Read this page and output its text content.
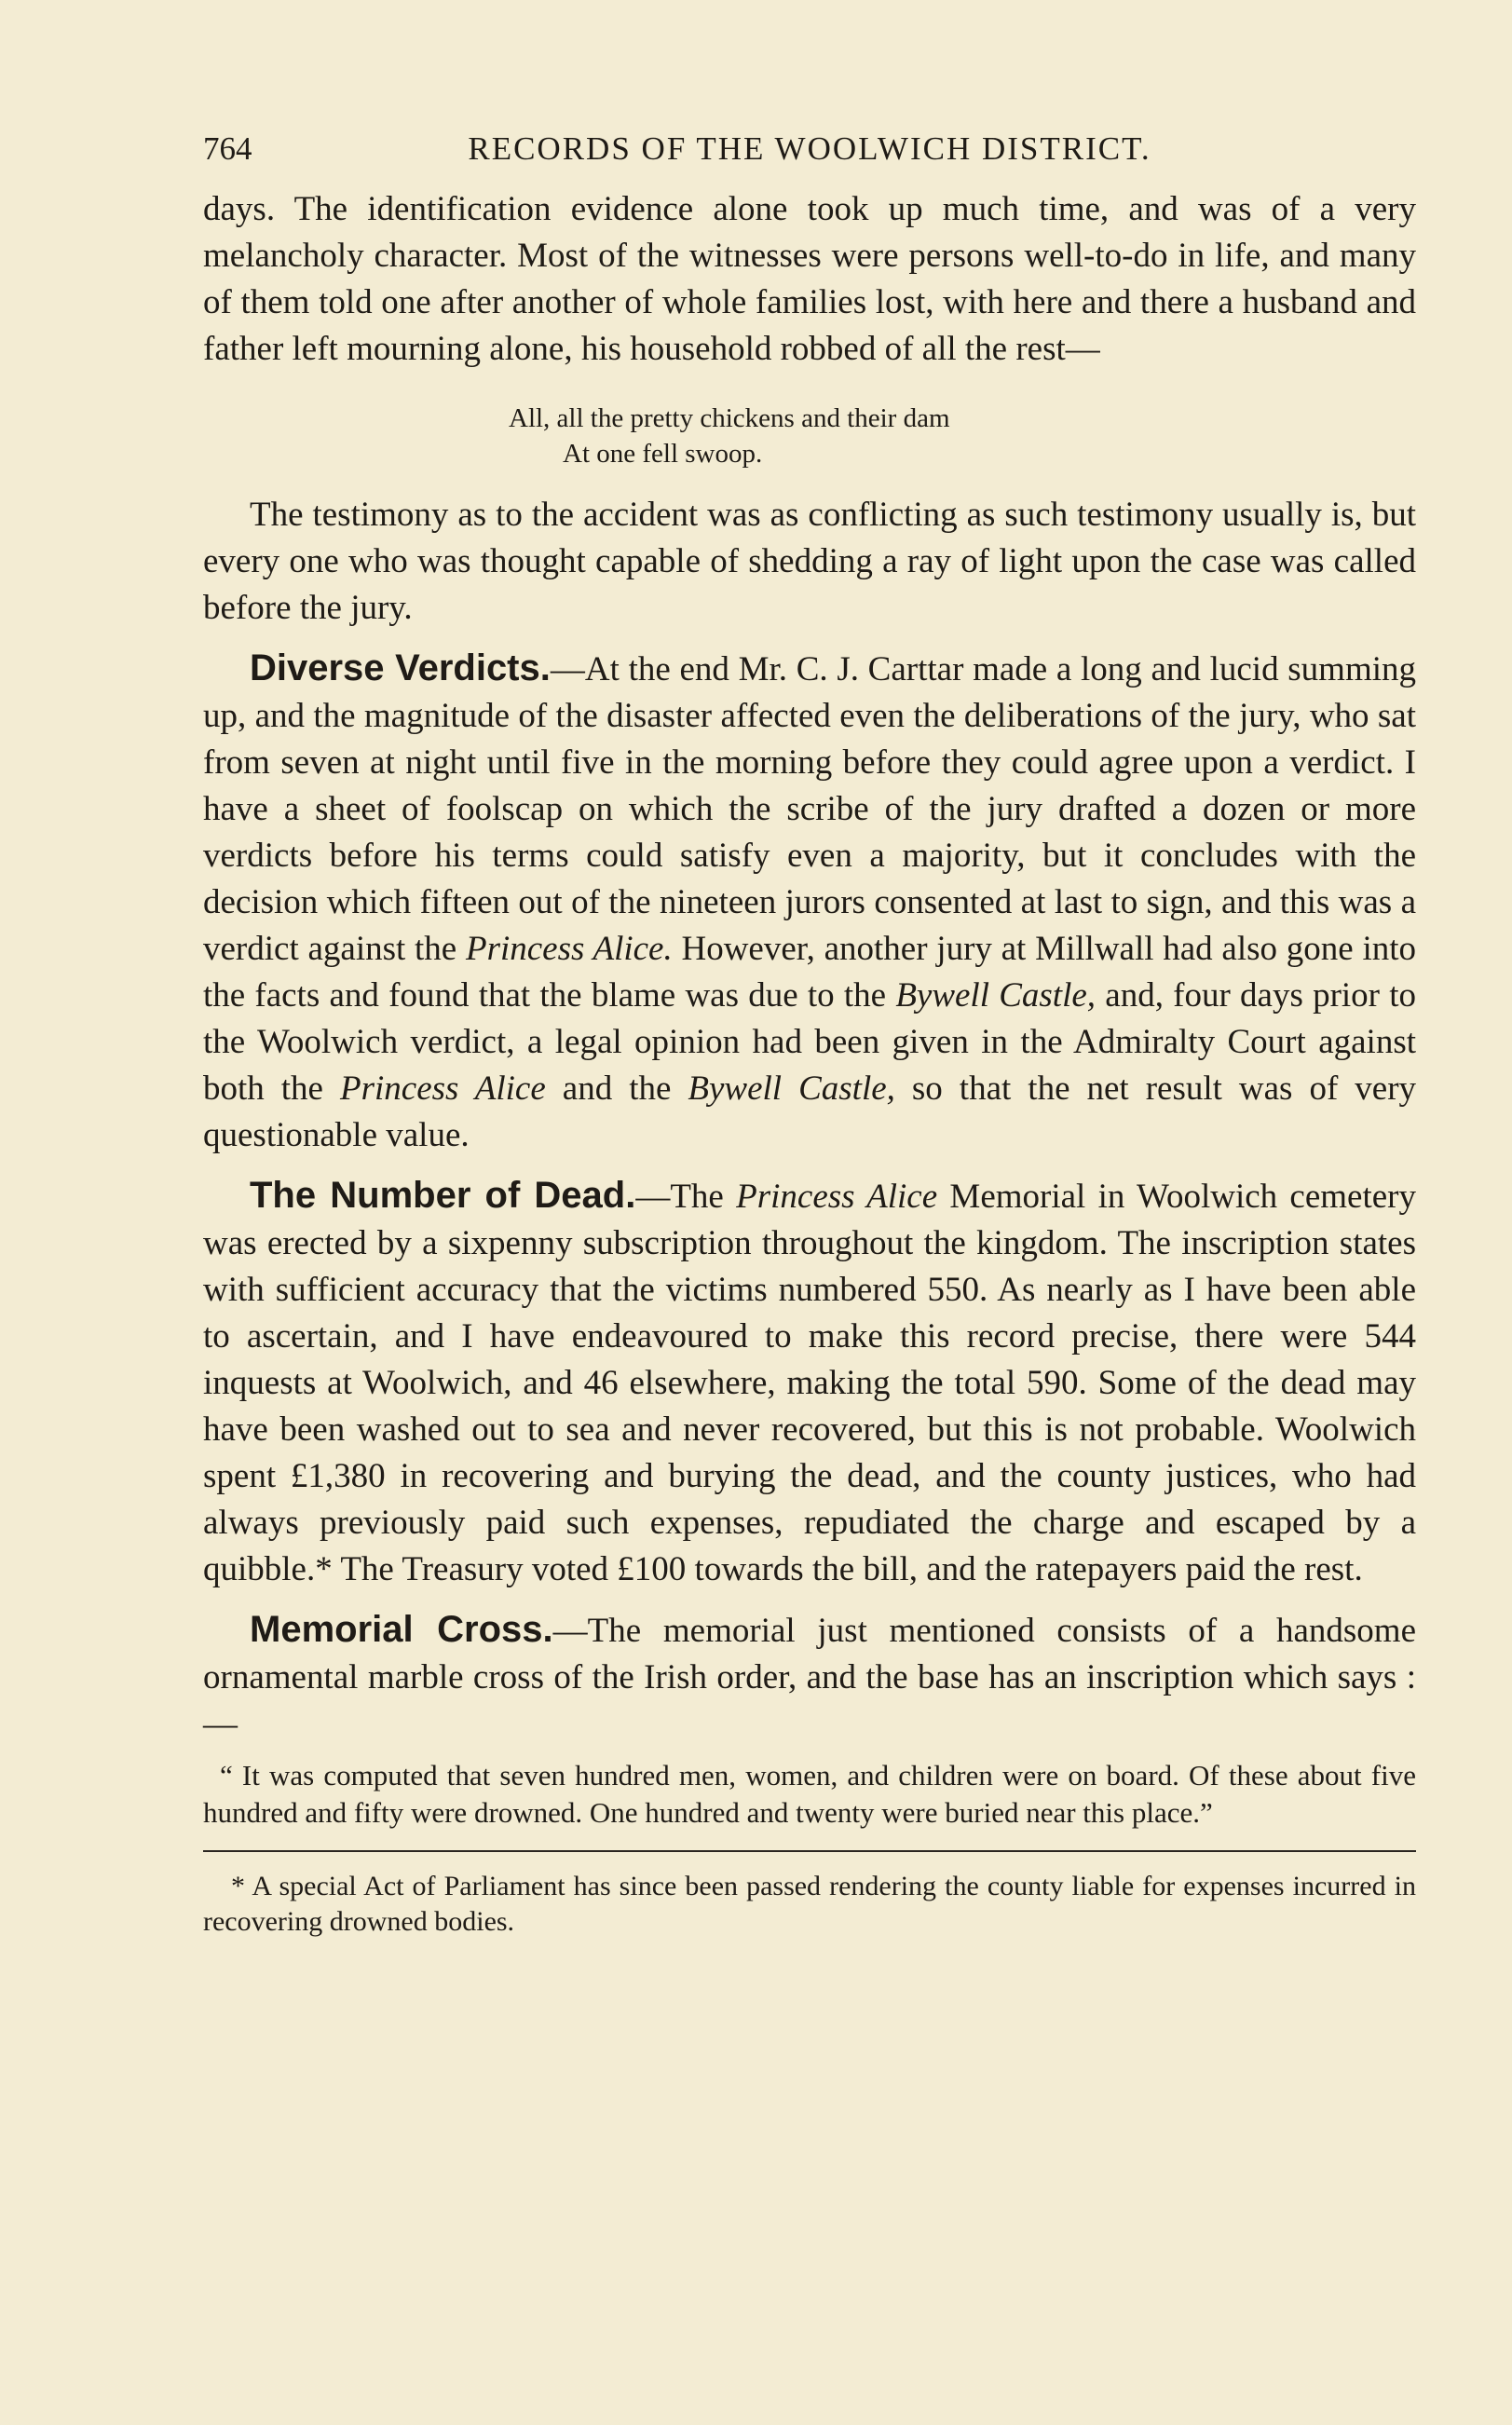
764	RECORDS OF THE WOOLWICH DISTRICT.

days. The identification evidence alone took up much time, and was of a very melancholy character. Most of the witnesses were persons well-to-do in life, and many of them told one after another of whole families lost, with here and there a husband and father left mourning alone, his household robbed of all the rest—

All, all the pretty chickens and their dam
At one fell swoop.

The testimony as to the accident was as conflicting as such testimony usually is, but every one who was thought capable of shedding a ray of light upon the case was called before the jury.

Diverse Verdicts.—At the end Mr. C. J. Carttar made a long and lucid summing up, and the magnitude of the disaster affected even the deliberations of the jury, who sat from seven at night until five in the morning before they could agree upon a verdict. I have a sheet of foolscap on which the scribe of the jury drafted a dozen or more verdicts before his terms could satisfy even a majority, but it concludes with the decision which fifteen out of the nineteen jurors consented at last to sign, and this was a verdict against the Princess Alice. However, another jury at Millwall had also gone into the facts and found that the blame was due to the Bywell Castle, and, four days prior to the Woolwich verdict, a legal opinion had been given in the Admiralty Court against both the Princess Alice and the Bywell Castle, so that the net result was of very questionable value.

The Number of Dead.—The Princess Alice Memorial in Woolwich cemetery was erected by a sixpenny subscription throughout the kingdom. The inscription states with sufficient accuracy that the victims numbered 550. As nearly as I have been able to ascertain, and I have endeavoured to make this record precise, there were 544 inquests at Woolwich, and 46 elsewhere, making the total 590. Some of the dead may have been washed out to sea and never recovered, but this is not probable. Woolwich spent £1,380 in recovering and burying the dead, and the county justices, who had always previously paid such expenses, repudiated the charge and escaped by a quibble.* The Treasury voted £100 towards the bill, and the ratepayers paid the rest.

Memorial Cross.—The memorial just mentioned consists of a handsome ornamental marble cross of the Irish order, and the base has an inscription which says :—

“ It was computed that seven hundred men, women, and children were on board. Of these about five hundred and fifty were drowned. One hundred and twenty were buried near this place.”

* A special Act of Parliament has since been passed rendering the county liable for expenses incurred in recovering drowned bodies.
